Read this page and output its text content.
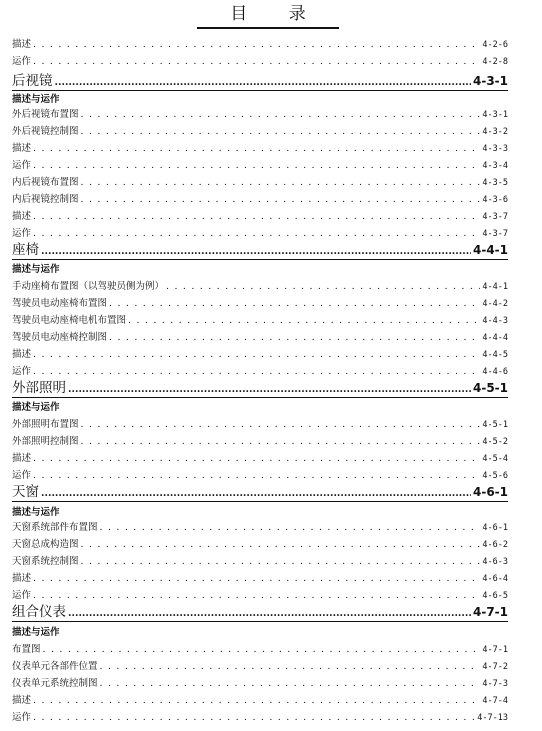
目 录
描述 . . .	4-2-6
运作 . . .	4-2-8
后视镜 .....	4-3-1
描述与运作
外后视镜布置图 . . .	4-3-1
外后视镜控制图 . . .	4-3-2
描述 . . .	4-3-3
运作 . . .	4-3-4
内后视镜布置图 . . .	4-3-5
内后视镜控制图 . . .	4-3-6
描述 . . .	4-3-7
运作 . . .	4-3-7
座椅 .....	4-4-1
描述与运作
手动座椅布置图（以驾驶员侧为例） . . .	4-4-1
驾驶员电动座椅布置图 . . .	4-4-2
驾驶员电动座椅电机布置图 . . .	4-4-3
驾驶员电动座椅控制图 . . .	4-4-4
描述 . . .	4-4-5
运作 . . .	4-4-6
外部照明 .....	4-5-1
描述与运作
外部照明布置图 . . .	4-5-1
外部照明控制图 . . .	4-5-2
描述 . . .	4-5-4
运作 . . .	4-5-6
天窗 .....	4-6-1
描述与运作
天窗系统部件布置图 . . .	4-6-1
天窗总成构造图 . . .	4-6-2
天窗系统控制图 . . .	4-6-3
描述 . . .	4-6-4
运作 . . .	4-6-5
组合仪表 .....	4-7-1
描述与运作
布置图 . . .	4-7-1
仪表单元各部件位置 . . .	4-7-2
仪表单元系统控制图 . . .	4-7-3
描述 . . .	4-7-4
运作 . . .	4-7-13
